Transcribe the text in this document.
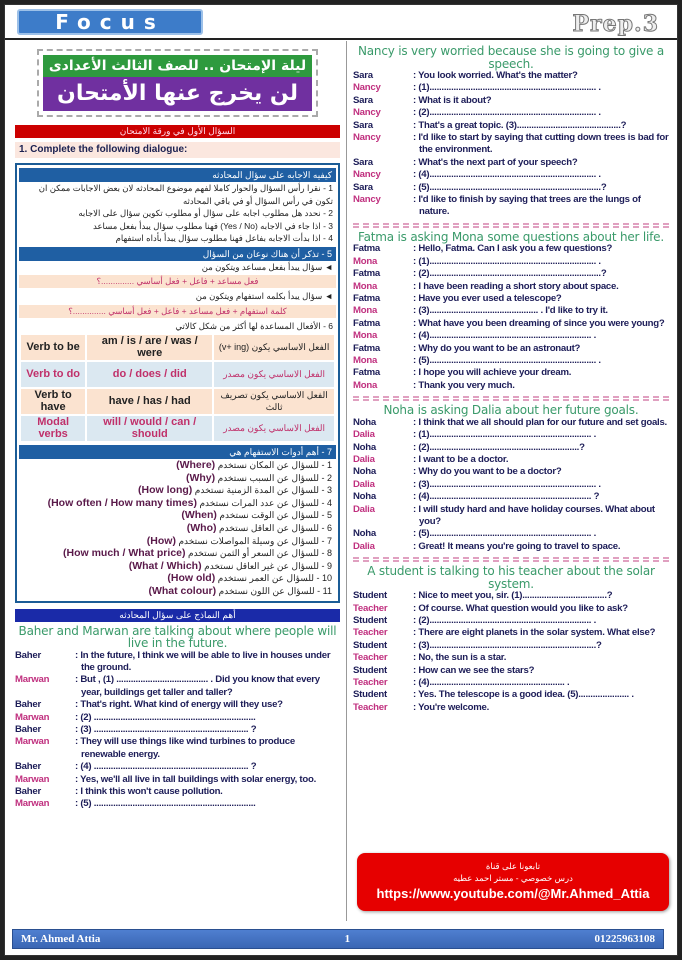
Focus	Prep.3
ليلة الإمتحان .. للصف الثالث الأعدادى
لن يخرج عنها الأمتحان
السؤال الأول في ورقة الامتحان
1. Complete the following dialogue:
كيفيه الاجابه على سؤال المحادثه
1 - نقرا رأس السؤال والحوار كاملا لفهم موضوع المحادثه لان بعض الاجابات ممكن ان تكون في رأس السؤال أو في باقي المحادثه
2 - نحدد هل مطلوب اجابه على سؤال أو مطلوب تكوين سؤال على الاجابه
3 - اذا جاء في الاجابه (Yes / No) فهنا مطلوب سؤال يبدأ بفعل مساعد
4 - اذا بدأت الاجابه بفاعل فهنا مطلوب سؤال يبدأ بأداه استفهام
5 - تذكر أن هناك نوعان من السؤال
◄ سؤال يبدأ بفعل مساعد ويتكون من
فعل مساعد + فاعل + فعل أساسي ..............؟
◄ سؤال يبدأ بكلمه استفهام ويتكون من
كلمة استفهام + فعل مساعد + فاعل + فعل أساسي ..............؟
6 - الأفعال المساعدة لها أكثر من شكل كالاتي
Verb to be	am / is / are / was / were	الفعل الاساسي يكون (v+ ing)
Verb to do	do / does / did	الفعل الاساسي يكون مصدر
Verb to have	have / has / had	الفعل الاساسي يكون تصريف ثالث
Modal verbs	will / would / can / should	الفعل الاساسي يكون مصدر
7 - أهم أدوات الاستفهام هي
1 - للسؤال عن المكان نستخدم (Where)
2 - للسؤال عن السبب نستخدم (Why)
3 - للسؤال عن المدة الزمنية نستخدم (How long)
4 - للسؤال عن عدد المرات نستخدم (How often / How many times)
5 - للسؤال عن الوقت نستخدم (When)
6 - للسؤال عن العاقل نستخدم (Who)
7 - للسؤال عن وسيلة المواصلات نستخدم (How)
8 - للسؤال عن السعر أو الثمن نستخدم (How much / What price)
9 - للسؤال عن غير العاقل نستخدم (What / Which)
10 - للسؤال عن العمر نستخدم (How old)
11 - للسؤال عن اللون نستخدم (What colour)
أهم النماذج على سؤال المحادثه
Baher and Marwan are talking about where people will live in the future.
Baher	: In the future, I think we will be able to live in houses under the ground.
Marwan	: But , (1) ...................................... . Did you know that every year, buildings get taller and taller?
Baher	: That's right. What kind of energy will they use?
Marwan	: (2) ...................................................................
Baher	: (3) ................................................................ ?
Marwan	: They will use things like wind turbines to produce renewable energy.
Baher	: (4) ................................................................ ?
Marwan	: Yes, we'll all live in tall buildings with solar energy, too.
Baher	: I think this won't cause pollution.
Marwan	: (5) ...................................................................
Nancy is very worried because she is going to give a speech.
Sara	: You look worried. What's the matter?
Nancy	: (1)..................................................................... .
Sara	: What is it about?
Nancy	: (2)..................................................................... .
Sara	: That's a great topic. (3)...........................................?
Nancy	: I'd like to start by saying that cutting down trees is bad for the environment.
Sara	: What's the next part of your speech?
Nancy	: (4)..................................................................... .
Sara	: (5).......................................................................?
Nancy	: I'd like to finish by saying that trees are the lungs of nature.
Fatma is asking Mona some questions about her life.
Fatma	: Hello, Fatma. Can I ask you a few questions?
Mona	: (1)..................................................................... .
Fatma	: (2).......................................................................?
Mona	: I have been reading a short story about space.
Fatma	: Have you ever used a telescope?
Mona	: (3)............................................. . I'd like to try it.
Fatma	: What have you been dreaming of since you were young?
Mona	: (4)................................................................... .
Fatma	: Why do you want to be an astronaut?
Mona	: (5)..................................................................... .
Fatma	: I hope you will achieve your dream.
Mona	: Thank you very much.
Noha is asking Dalia about her future goals.
Noha	: I think that we all should plan for our future and set goals.
Dalia	: (1)................................................................... .
Noha	: (2)..............................................................?
Dalia	: I want to be a doctor.
Noha	: Why do you want to be a doctor?
Dalia	: (3)..................................................................... .
Noha	: (4)................................................................... ?
Dalia	: I will study hard and have holiday courses. What about you?
Noha	: (5)................................................................... .
Dalia	: Great! It means you're going to travel to space.
A student is talking to his teacher about the solar system.
Student	: Nice to meet you, sir. (1)...................................?
Teacher	: Of course. What question would you like to ask?
Student	: (2)................................................................... .
Teacher	: There are eight planets in the solar system. What else?
Student	: (3).....................................................................?
Teacher	: No, the sun is a star.
Student	: How can we see the stars?
Teacher	: (4)........................................................ .
Student	: Yes. The telescope is a good idea. (5)..................... .
Teacher	: You're welcome.
تابعونا على قناة
درس خصوصي - مستر احمد عطيه
https://www.youtube.com/@Mr.Ahmed_Attia
Mr. Ahmed Attia	1	01225963108
